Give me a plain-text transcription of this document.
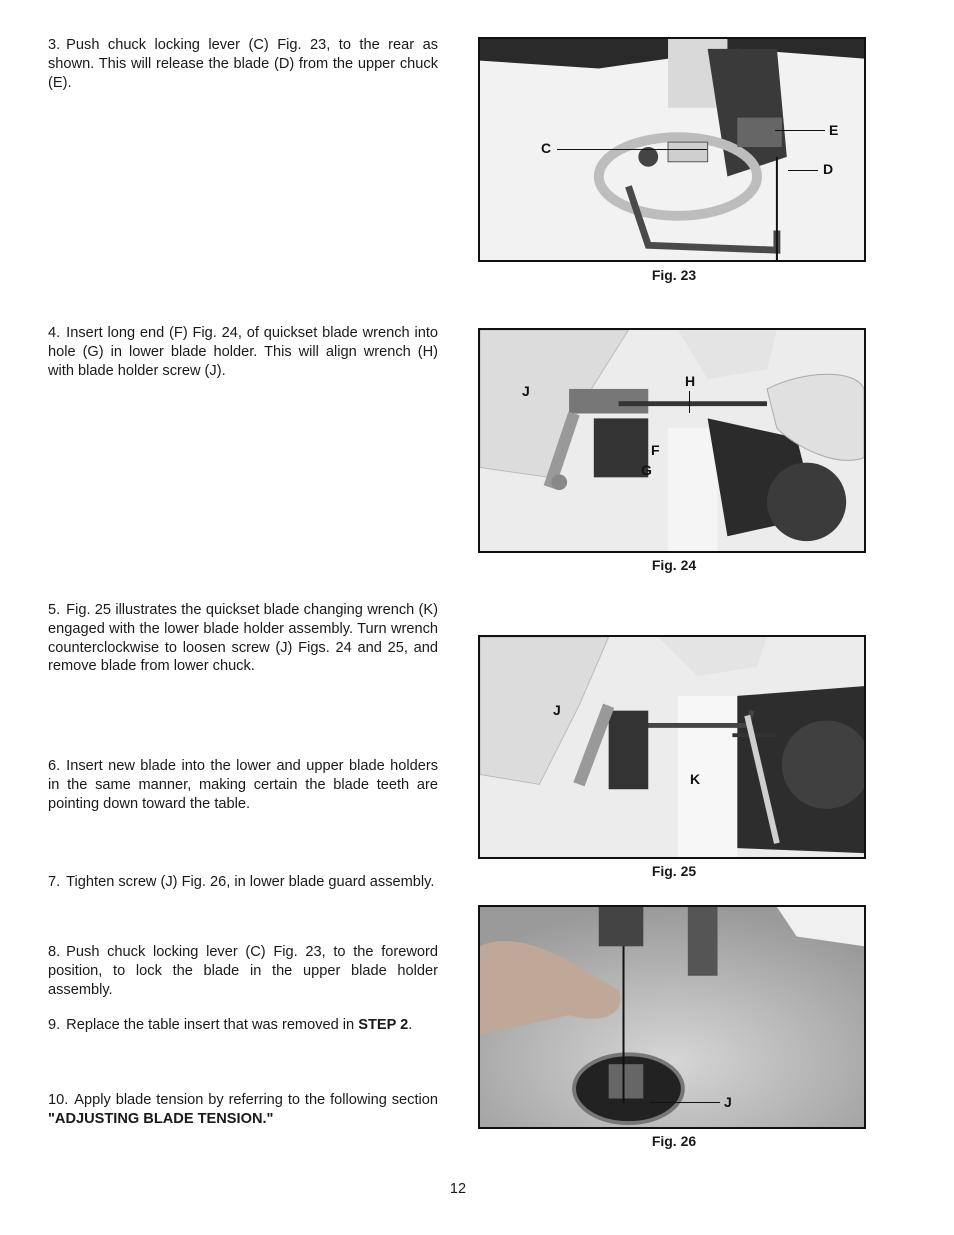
3. Push chuck locking lever (C) Fig. 23, to the rear as shown. This will release the blade (D) from the upper chuck (E).

4. Insert long end (F) Fig. 24, of quickset blade wrench into hole (G) in lower blade holder. This will align wrench (H) with blade holder screw (J).

5. Fig. 25 illustrates the quickset blade changing wrench (K) engaged with the lower blade holder assembly. Turn wrench counterclockwise to loosen screw (J) Figs. 24 and 25, and remove blade from lower chuck.

6. Insert new blade into the lower and upper blade holders in the same manner, making certain the blade teeth are pointing down toward the table.

7. Tighten screw (J) Fig. 26, in lower blade guard assembly.

8. Push chuck locking lever (C) Fig. 23, to the foreword position, to lock the blade in the upper blade holder assembly.

9. Replace the table insert that was removed in STEP 2.

10. Apply blade tension by referring to the following section "ADJUSTING BLADE TENSION."

C
E
D
Fig. 23
J
H
F
G
Fig. 24
J
K
Fig. 25
J
Fig. 26
12
